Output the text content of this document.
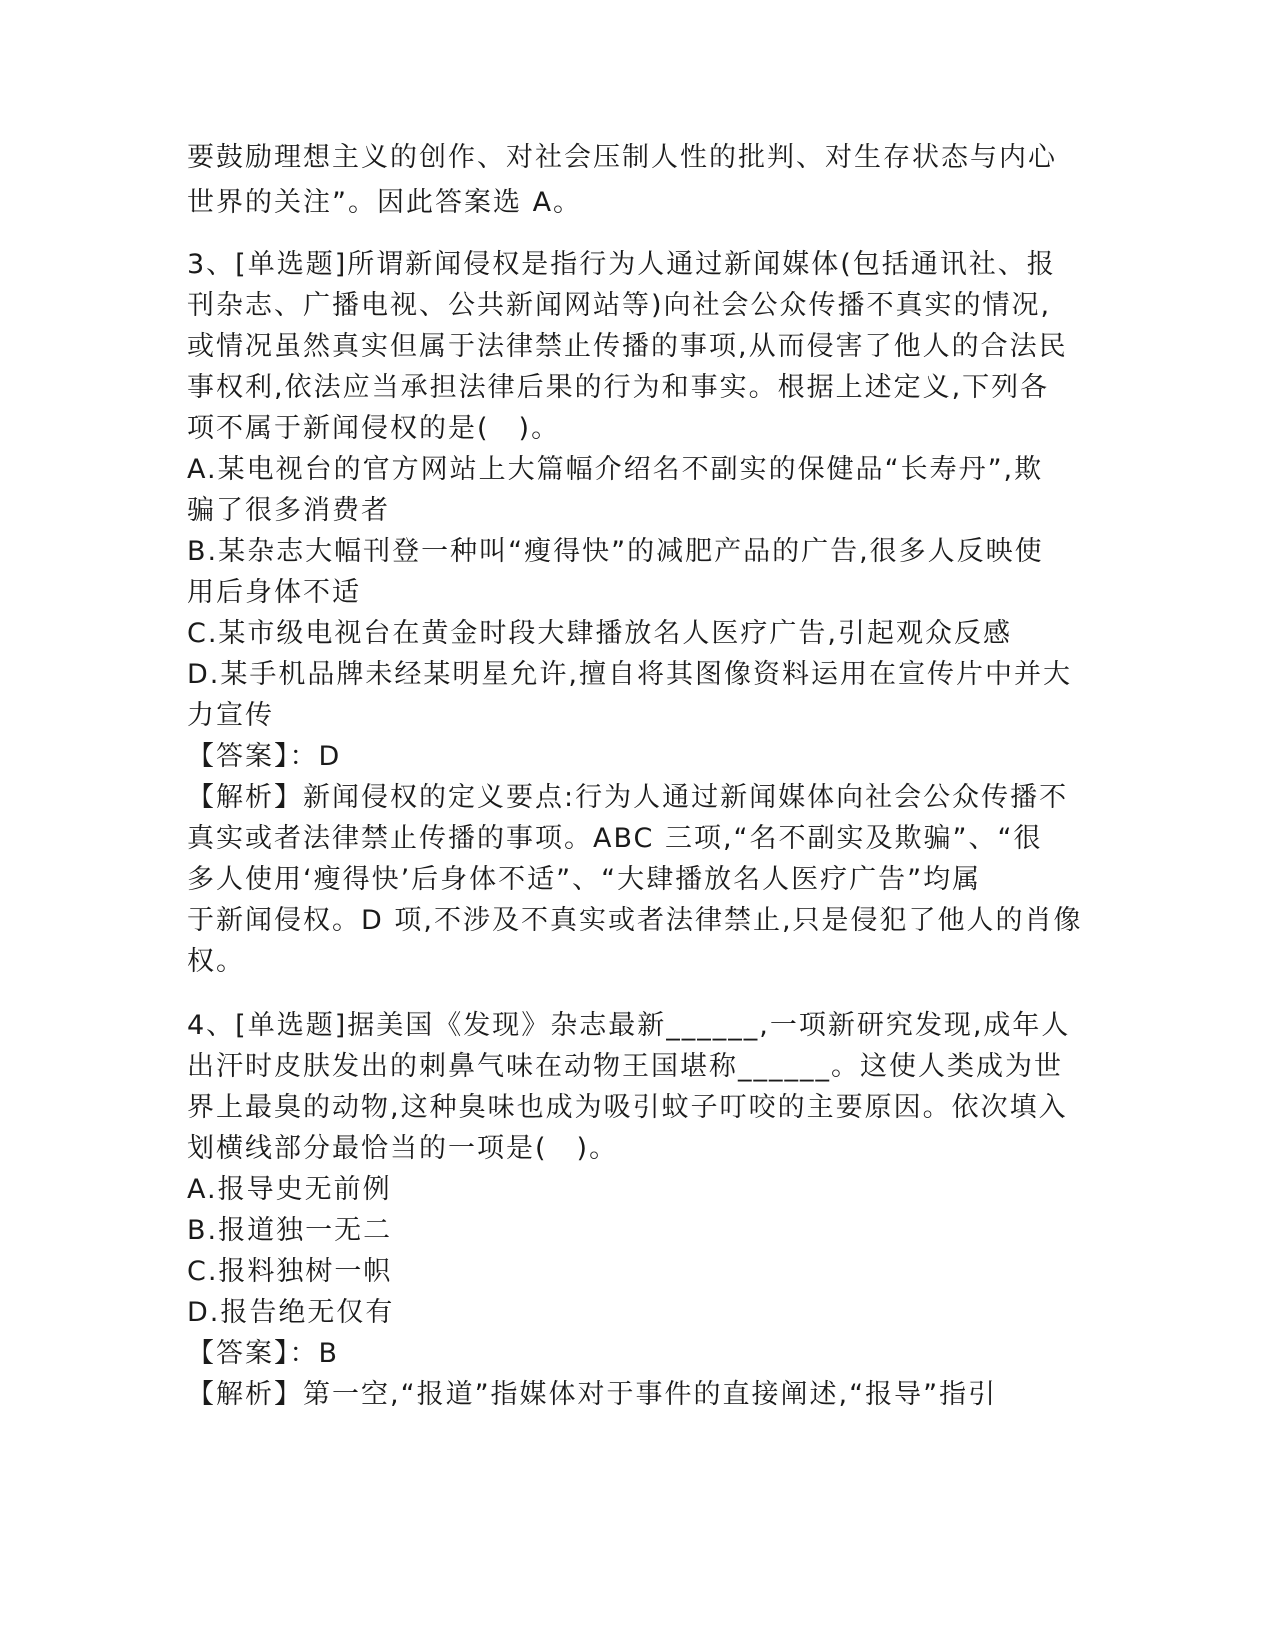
要鼓励理想主义的创作、对社会压制人性的批判、对生存状态与内心
世界的关注”。因此答案选 A。
3、[单选题]所谓新闻侵权是指行为人通过新闻媒体(包括通讯社、报
刊杂志、广播电视、公共新闻网站等)向社会公众传播不真实的情况,
或情况虽然真实但属于法律禁止传播的事项,从而侵害了他人的合法民
事权利,依法应当承担法律后果的行为和事实。根据上述定义,下列各
项不属于新闻侵权的是(　)。
A.某电视台的官方网站上大篇幅介绍名不副实的保健品“长寿丹”,欺
骗了很多消费者
B.某杂志大幅刊登一种叫“瘦得快”的减肥产品的广告,很多人反映使
用后身体不适
C.某市级电视台在黄金时段大肆播放名人医疗广告,引起观众反感
D.某手机品牌未经某明星允许,擅自将其图像资料运用在宣传片中并大
力宣传
【答案】：D
【解析】新闻侵权的定义要点:行为人通过新闻媒体向社会公众传播不
真实或者法律禁止传播的事项。ABC 三项,“名不副实及欺骗”、“很
多人使用‘瘦得快’后身体不适”、“大肆播放名人医疗广告”均属
于新闻侵权。D 项,不涉及不真实或者法律禁止,只是侵犯了他人的肖像
权。
4、[单选题]据美国《发现》杂志最新______,一项新研究发现,成年人
出汗时皮肤发出的刺鼻气味在动物王国堪称______。这使人类成为世
界上最臭的动物,这种臭味也成为吸引蚊子叮咬的主要原因。依次填入
划横线部分最恰当的一项是(　)。
A.报导史无前例
B.报道独一无二
C.报料独树一帜
D.报告绝无仅有
【答案】：B
【解析】第一空,“报道”指媒体对于事件的直接阐述,“报导”指引
